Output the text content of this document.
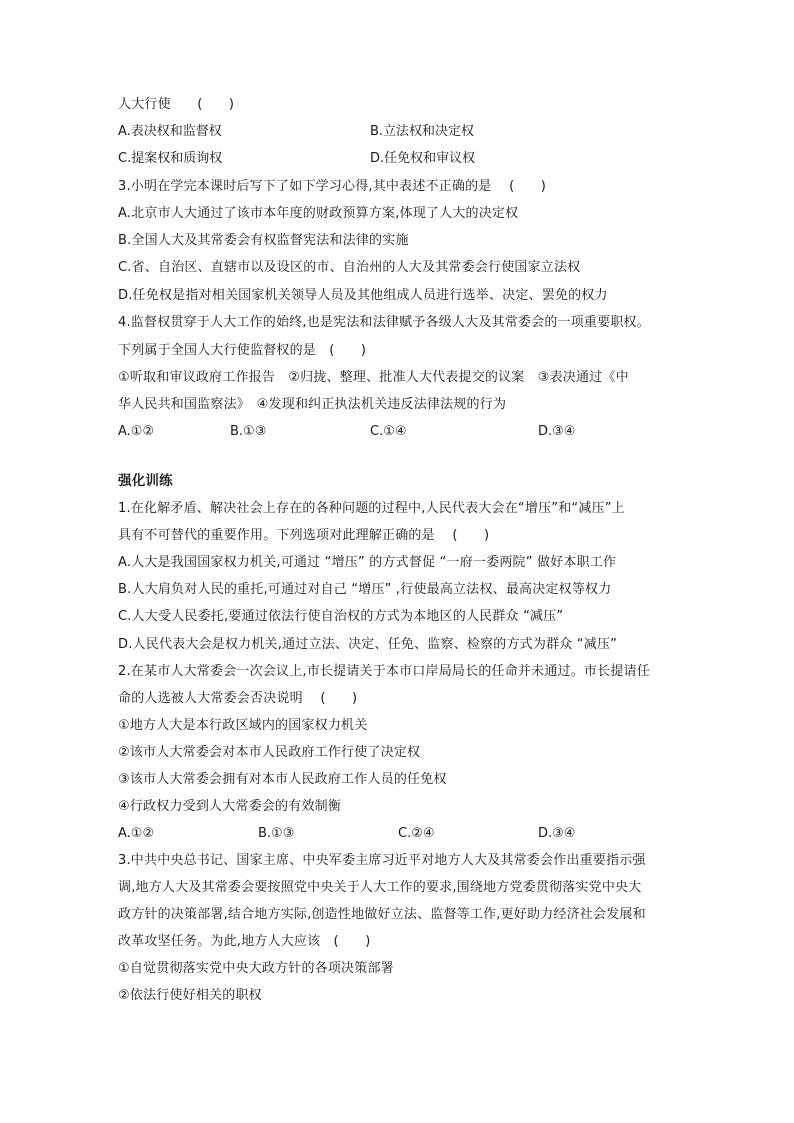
人大行使　　(　　)
A.表决权和监督权	B.立法权和决定权
C.提案权和质询权	D.任免权和审议权
3.小明在学完本课时后写下了如下学习心得,其中表述不正确的是　 (　　)
A.北京市人大通过了该市本年度的财政预算方案,体现了人大的决定权
B.全国人大及其常委会有权监督宪法和法律的实施
C.省、自治区、直辖市以及设区的市、自治州的人大及其常委会行使国家立法权
D.任免权是指对相关国家机关领导人员及其他组成人员进行选举、决定、罢免的权力
4.监督权贯穿于人大工作的始终,也是宪法和法律赋予各级人大及其常委会的一项重要职权。
下列属于全国人大行使监督权的是　(　　)
①听取和审议政府工作报告　②归拢、整理、批准人大代表提交的议案　③表决通过《中
华人民共和国监察法》　④发现和纠正执法机关违反法律法规的行为
A.①②	B.①③	C.①④	D.③④
强化训练
1.在化解矛盾、解决社会上存在的各种问题的过程中,人民代表大会在“增压”和“减压”上
具有不可替代的重要作用。下列选项对此理解正确的是　 (　　)
A.人大是我国国家权力机关,可通过 “增压” 的方式督促 “一府一委两院” 做好本职工作
B.人大肩负对人民的重托,可通过对自己 “增压” ,行使最高立法权、最高决定权等权力
C.人大受人民委托,要通过依法行使自治权的方式为本地区的人民群众 “减压”
D.人民代表大会是权力机关,通过立法、决定、任免、监察、检察的方式为群众 “减压”
2.在某市人大常委会一次会议上,市长提请关于本市口岸局局长的任命并未通过。市长提请任
命的人选被人大常委会否决说明　 (　　)
①地方人大是本行政区域内的国家权力机关
②该市人大常委会对本市人民政府工作行使了决定权
③该市人大常委会拥有对本市人民政府工作人员的任免权
④行政权力受到人大常委会的有效制衡
A.①②	B.①③	C.②④	D.③④
3.中共中央总书记、国家主席、中央军委主席习近平对地方人大及其常委会作出重要指示强
调,地方人大及其常委会要按照党中央关于人大工作的要求,围绕地方党委贯彻落实党中央大
政方针的决策部署,结合地方实际,创造性地做好立法、监督等工作,更好助力经济社会发展和
改革攻坚任务。为此,地方人大应该　(　　)
①自觉贯彻落实党中央大政方针的各项决策部署
②依法行使好相关的职权
